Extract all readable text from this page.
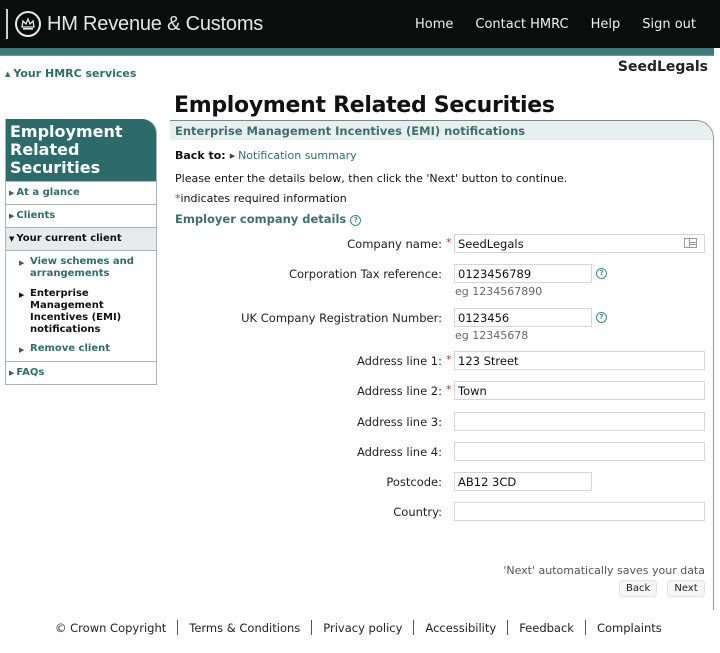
HM Revenue & Customs	Home Contact HMRC Help Sign out
▲ Your HMRC services	SeedLegals
Employment Related Securities
▶ At a glance
▶ Clients
▼ Your current client
▶ View schemes and arrangements
▶ Enterprise Management Incentives (EMI) notifications
▶ Remove client
▶ FAQs
Employment Related Securities
Enterprise Management Incentives (EMI) notifications
Back to: ▶ Notification summary
Please enter the details below, then click the 'Next' button to continue.
*indicates required information
Employer company details ?
Company name: *
SeedLegals
Corporation Tax reference:
0123456789	?
eg 1234567890
UK Company Registration Number:
0123456	?
eg 12345678
Address line 1: *
123 Street
Address line 2: *
Town
Address line 3:
Address line 4:
Postcode:
AB12 3CD
Country:
'Next' automatically saves your data
Back	Next
© Crown Copyright Terms & Conditions Privacy policy Accessibility Feedback Complaints
